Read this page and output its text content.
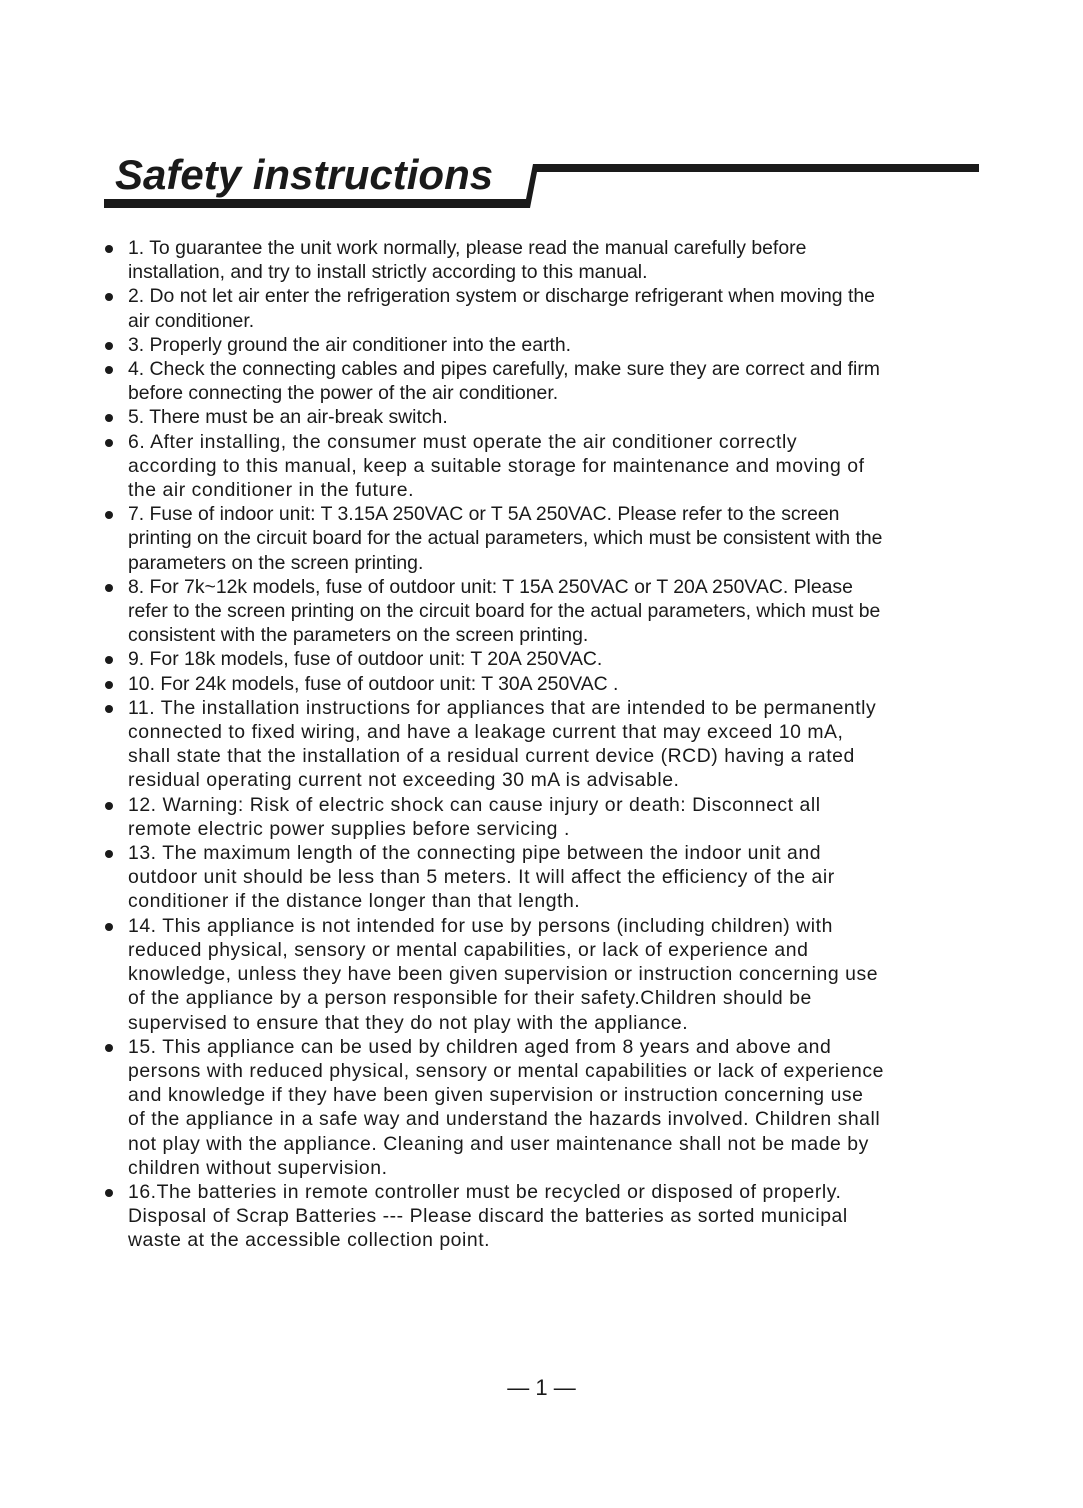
Safety instructions
1. To guarantee the unit work normally, please read the manual carefully before
installation, and try to install strictly according to this manual.
2. Do not let air enter the refrigeration system or discharge refrigerant when moving the
air conditioner.
3. Properly ground the air conditioner into the earth.
4. Check the connecting cables and pipes carefully, make sure they are correct and firm
before connecting the power of the air conditioner.
5. There must be an air-break switch.
6. After installing, the consumer must operate the air conditioner correctly
according to this manual, keep a suitable storage for maintenance and moving of
the air conditioner in the future.
7. Fuse of indoor unit: T 3.15A 250VAC or T 5A 250VAC. Please refer to the screen
printing on the circuit board for the actual parameters, which must be consistent with the
parameters on the screen printing.
8. For 7k~12k models, fuse of outdoor unit: T 15A 250VAC or T 20A 250VAC. Please
refer to the screen printing on the circuit board for the actual parameters, which must be
consistent with the parameters on the screen printing.
9. For 18k models, fuse of outdoor unit: T 20A 250VAC.
10. For 24k models, fuse of outdoor unit: T 30A 250VAC .
11. The installation instructions for appliances that are intended to be permanently
connected to fixed wiring, and have a leakage current that may exceed 10 mA,
shall state that the installation of a residual current device (RCD) having a rated
residual operating current not exceeding 30 mA is advisable.
12. Warning: Risk of electric shock can cause injury or death: Disconnect all
remote electric power supplies before servicing .
13. The maximum length of the connecting pipe between the indoor unit and
outdoor unit should be less than 5 meters. It will affect the efficiency of the air
conditioner if the distance longer than that length.
14. This appliance is not intended for use by persons (including children) with
reduced physical, sensory or mental capabilities, or lack of experience and
knowledge, unless they have been given supervision or instruction concerning use
of the appliance by a person responsible for their safety.Children should be
supervised to ensure that they do not play with the appliance.
15. This appliance can be used by children aged from 8 years and above and
persons with reduced physical, sensory or mental capabilities or lack of experience
and knowledge if they have been given supervision or instruction concerning use
of the appliance in a safe way and understand the hazards involved. Children shall
not play with the appliance. Cleaning and user maintenance shall not be made by
children without supervision.
16.The batteries in remote controller must be recycled or disposed of properly.
Disposal of Scrap Batteries --- Please discard the batteries as sorted municipal
waste at the accessible collection point.
— 1 —
